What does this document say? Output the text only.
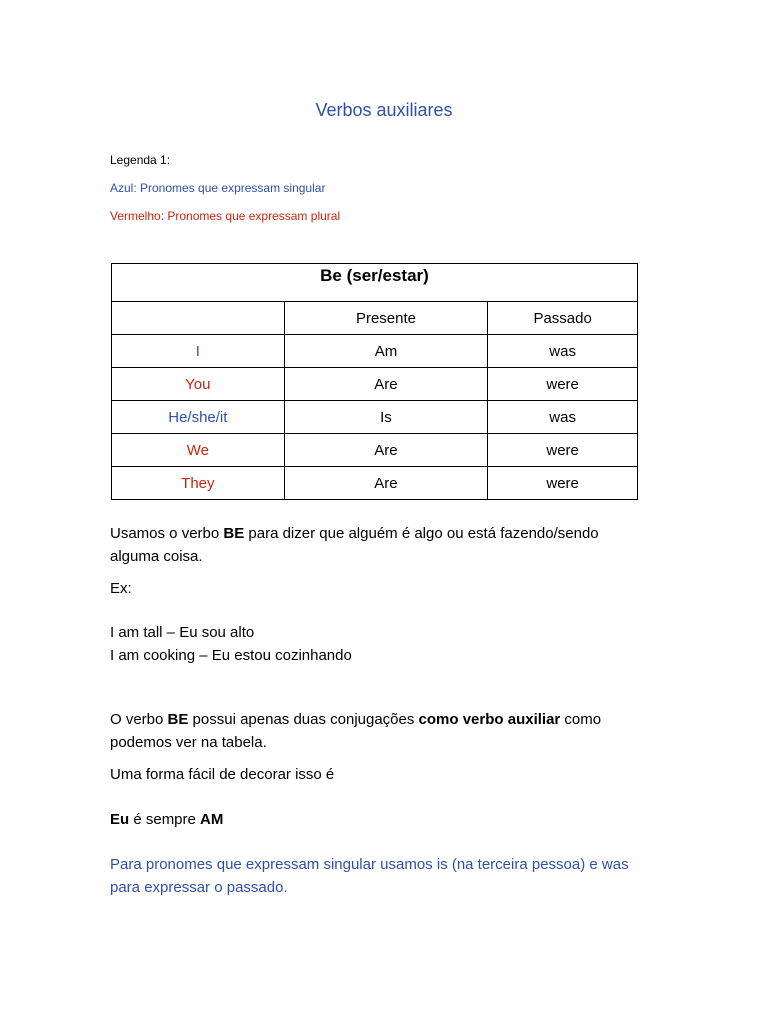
Verbos auxiliares
Legenda 1:
Azul: Pronomes que expressam singular
Vermelho: Pronomes que expressam plural
Be (ser/estar)		
	Presente	Passado
I	Am	was
You	Are	were
He/she/it	Is	was
We	Are	were
They	Are	were
Usamos o verbo BE para dizer que alguém é algo ou está fazendo/sendo alguma coisa.
Ex:
I am tall – Eu sou alto
I am cooking – Eu estou cozinhando
O verbo BE possui apenas duas conjugações como verbo auxiliar como podemos ver na tabela.
Uma forma fácil de decorar isso é
Eu é sempre AM
Para pronomes que expressam singular usamos is (na terceira pessoa) e was para expressar o passado.
